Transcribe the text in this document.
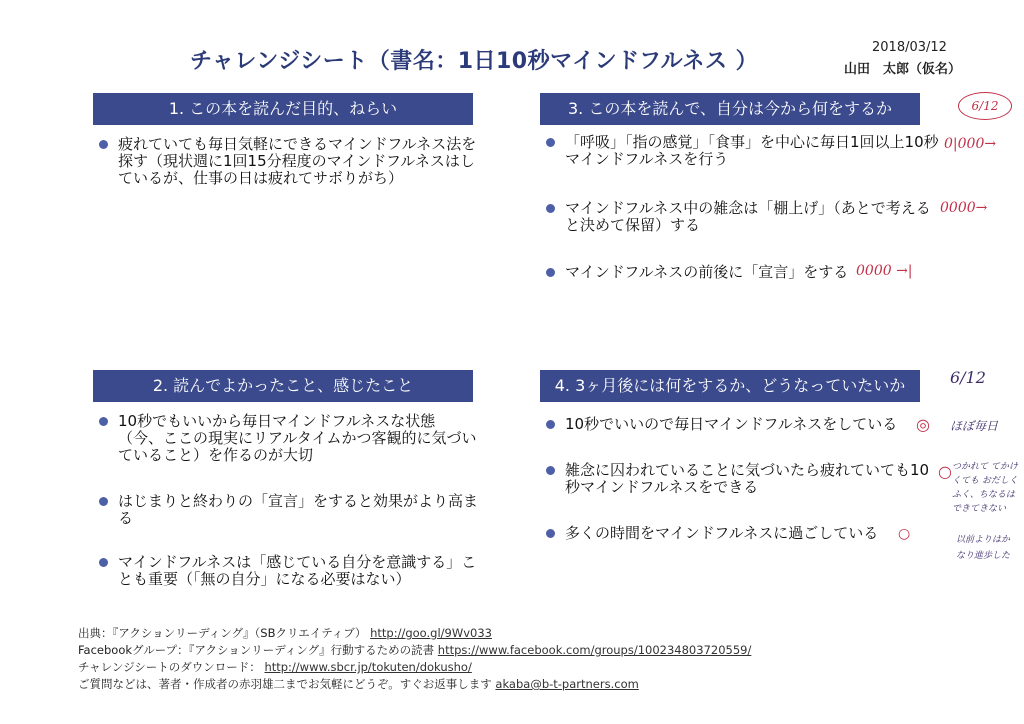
チャレンジシート（書名：1日10秒マインドフルネス ）
2018/03/12
山田　太郎（仮名）
1. この本を読んだ目的、ねらい
疲れていても毎日気軽にできるマインドフルネス法を探す（現状週に1回15分程度のマインドフルネスはしているが、仕事の日は疲れてサボりがち）
2. 読んでよかったこと、感じたこと
10秒でもいいから毎日マインドフルネスな状態（今、ここの現実にリアルタイムかつ客観的に気づいていること）を作るのが大切
はじまりと終わりの「宣言」をすると効果がより高まる
マインドフルネスは「感じている自分を意識する」ことも重要（「無の自分」になる必要はない）
3. この本を読んで、自分は今から何をするか
「呼吸」「指の感覚」「食事」を中心に毎日1回以上10秒マインドフルネスを行う
マインドフルネス中の雑念は「棚上げ」（あとで考えると決めて保留）する
マインドフルネスの前後に「宣言」をする
4. 3ヶ月後には何をするか、どうなっていたいか
10秒でいいので毎日マインドフルネスをしている
雑念に囚われていることに気づいたら疲れていても10秒マインドフルネスをできる
多くの時間をマインドフルネスに過ごしている
6/12
0|000→
0000→
0000 →|
6/12
◎ ほぼ毎日
○ つかれて てかけくても おだしくふく、ちなるはできてきない
○	以前よりはかなり進歩した
出典：『アクションリーディング』（SBクリエイティブ） http://goo.gl/9Wv033
Facebookグループ：『アクションリーディング』行動するための読書 https://www.facebook.com/groups/100234803720559/
チャレンジシートのダウンロード： http://www.sbcr.jp/tokuten/dokusho/
ご質問などは、著者・作成者の赤羽雄二までお気軽にどうぞ。すぐお返事します akaba@b-t-partners.com
